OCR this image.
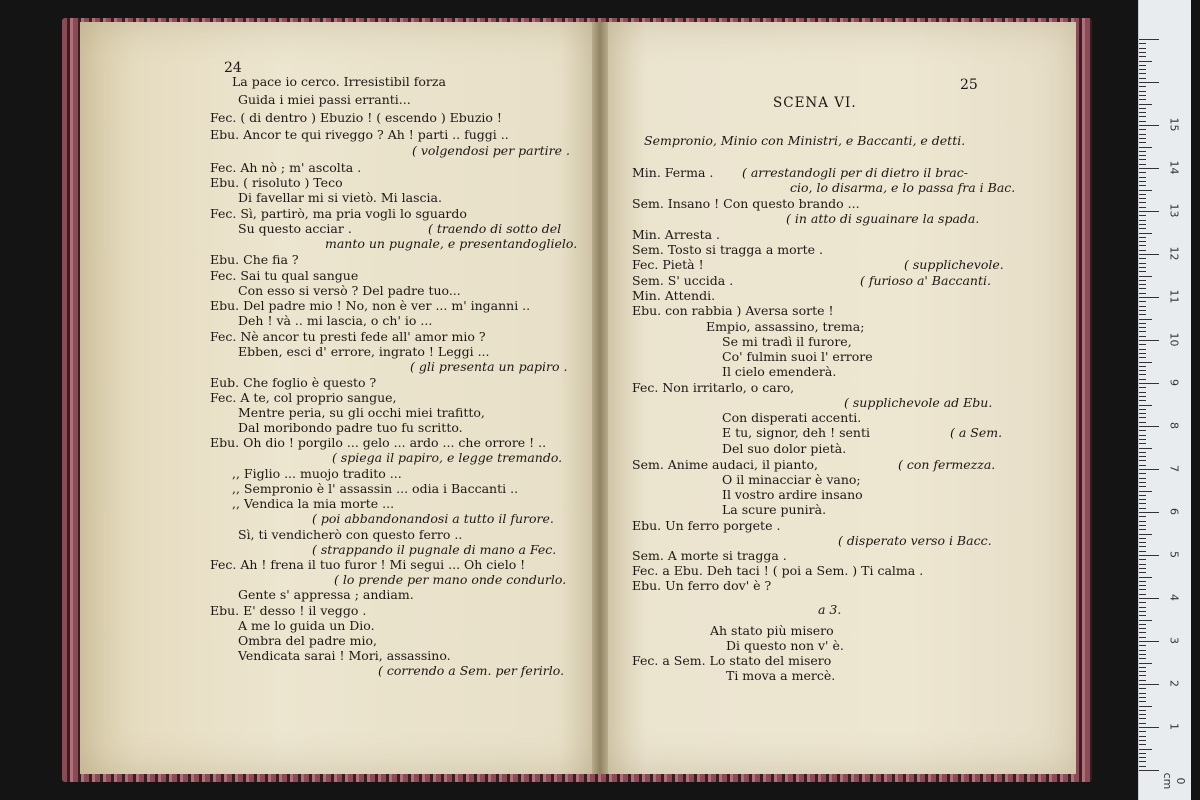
24
25
SCENA VI.
La pace io cerco. Irresistibil forza
Guida i miei passi erranti...
Fec. ( di dentro ) Ebuzio ! ( escendo ) Ebuzio !
Ebu. Ancor te qui riveggo ? Ah ! parti .. fuggi ..
( volgendosi per partire .
Fec. Ah nò ; m' ascolta .
Ebu. ( risoluto ) Teco
Di favellar mi si vietò. Mi lascia.
Fec. Sì, partirò, ma pria vogli lo sguardo
Su questo acciar .	( traendo di sotto del
manto un pugnale, e presentandoglielo.
Ebu. Che fia ?
Fec. Sai tu qual sangue
Con esso si versò ? Del padre tuo...
Ebu. Del padre mio ! No, non è ver ... m' inganni ..
Deh ! và .. mi lascia, o ch' io ...
Fec. Nè ancor tu presti fede all' amor mio ?
Ebben, esci d' errore, ingrato ! Leggi ...
( gli presenta un papiro .
Eub. Che foglio è questo ?
Fec. A te, col proprio sangue,
Mentre peria, su gli occhi miei trafitto,
Dal moribondo padre tuo fu scritto.
Ebu. Oh dio ! porgilo ... gelo ... ardo ... che orrore ! ..
( spiega il papiro, e legge tremando.
,, Figlio ... muojo tradito ...
,, Sempronio è l' assassin ... odia i Baccanti ..
,, Vendica la mia morte ...
( poi abbandonandosi a tutto il furore.
Sì, ti vendicherò con questo ferro ..
( strappando il pugnale di mano a Fec.
Fec. Ah ! frena il tuo furor ! Mi segui ... Oh cielo !
( lo prende per mano onde condurlo.
Gente s' appressa ; andiam.
Ebu. E' desso ! il veggo .
A me lo guida un Dio.
Ombra del padre mio,
Vendicata sarai ! Mori, assassino.
( correndo a Sem. per ferirlo.
Sempronio, Minio con Ministri, e Baccanti, e detti.
Min. Ferma . ( arrestandogli per di dietro il brac-
cio, lo disarma, e lo passa fra i Bac.
Sem. Insano ! Con questo brando ...
( in atto di sguainare la spada.
Min. Arresta .
Sem. Tosto si tragga a morte .
Fec. Pietà !	( supplichevole.
Sem. S' uccida .	( furioso a' Baccanti.
Min. Attendi.
Ebu. con rabbia ) Aversa sorte !
Empio, assassino, trema;
Se mi tradì il furore,
Co' fulmin suoi l' errore
Il cielo emenderà.
Fec. Non irritarlo, o caro,
( supplichevole ad Ebu.
Con disperati accenti.
E tu, signor, deh ! senti	( a Sem.
Del suo dolor pietà.
Sem. Anime audaci, il pianto,	( con fermezza.
O il minacciar è vano;
Il vostro ardire insano
La scure punirà.
Ebu. Un ferro porgete .
( disperato verso i Bacc.
Sem. A morte si tragga .
Fec. a Ebu. Deh taci ! ( poi a Sem. ) Ti calma .
Ebu. Un ferro dov' è ?
a 3.
Ah stato più misero
Di questo non v' è.
Fec. a Sem. Lo stato del misero
Ti mova a mercè.
1
2
3
4
5
6
7
8
9
10
11
12
13
14
15
0 cm
